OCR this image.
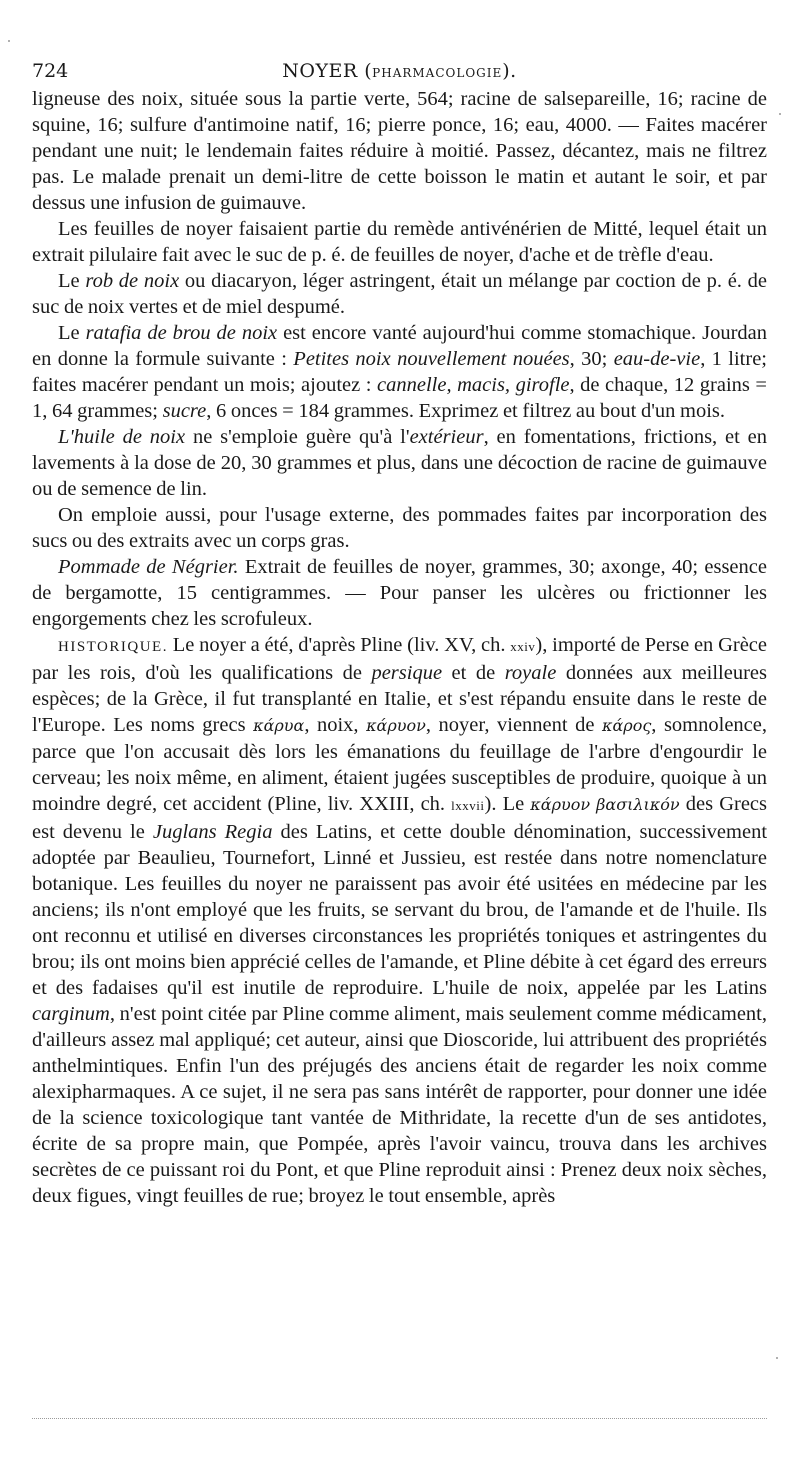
724	NOYER (PHARMACOLOGIE).

ligneuse des noix, située sous la partie verte, 564; racine de salsepareille, 16; racine de squine, 16; sulfure d'antimoine natif, 16; pierre ponce, 16; eau, 4000. — Faites macérer pendant une nuit; le lendemain faites réduire à moitié. Passez, décantez, mais ne filtrez pas. Le malade prenait un demi-litre de cette boisson le matin et autant le soir, et par dessus une infusion de guimauve.

Les feuilles de noyer faisaient partie du remède antivénérien de Mitté, lequel était un extrait pilulaire fait avec le suc de p. é. de feuilles de noyer, d'ache et de trèfle d'eau.

Le rob de noix ou diacaryon, léger astringent, était un mélange par coction de p. é. de suc de noix vertes et de miel despumé.

Le ratafia de brou de noix est encore vanté aujourd'hui comme stomachique. Jourdan en donne la formule suivante : Petites noix nouvellement nouées, 30; eau-de-vie, 1 litre; faites macérer pendant un mois; ajoutez : cannelle, macis, girofle, de chaque, 12 grains = 1, 64 grammes; sucre, 6 onces = 184 grammes. Exprimez et filtrez au bout d'un mois.

L'huile de noix ne s'emploie guère qu'à l'extérieur, en fomentations, frictions, et en lavements à la dose de 20, 30 grammes et plus, dans une décoction de racine de guimauve ou de semence de lin.

On emploie aussi, pour l'usage externe, des pommades faites par incorporation des sucs ou des extraits avec un corps gras.

Pommade de Négrier. Extrait de feuilles de noyer, grammes, 30; axonge, 40; essence de bergamotte, 15 centigrammes. — Pour panser les ulcères ou frictionner les engorgements chez les scrofuleux.

HISTORIQUE. Le noyer a été, d'après Pline (liv. XV, ch. xxiv), importé de Perse en Grèce par les rois, d'où les qualifications de persique et de royale données aux meilleures espèces; de la Grèce, il fut transplanté en Italie, et s'est répandu ensuite dans le reste de l'Europe. Les noms grecs κάρυα, noix, κάρυον, noyer, viennent de κάρος, somnolence, parce que l'on accusait dès lors les émanations du feuillage de l'arbre d'engourdir le cerveau; les noix même, en aliment, étaient jugées susceptibles de produire, quoique à un moindre degré, cet accident (Pline, liv. XXIII, ch. lxxvii). Le κάρυον βασιλικόν des Grecs est devenu le Juglans Regia des Latins, et cette double dénomination, successivement adoptée par Beaulieu, Tournefort, Linné et Jussieu, est restée dans notre nomenclature botanique. Les feuilles du noyer ne paraissent pas avoir été usitées en médecine par les anciens; ils n'ont employé que les fruits, se servant du brou, de l'amande et de l'huile. Ils ont reconnu et utilisé en diverses circonstances les propriétés toniques et astringentes du brou; ils ont moins bien apprécié celles de l'amande, et Pline débite à cet égard des erreurs et des fadaises qu'il est inutile de reproduire. L'huile de noix, appelée par les Latins carginum, n'est point citée par Pline comme aliment, mais seulement comme médicament, d'ailleurs assez mal appliqué; cet auteur, ainsi que Dioscoride, lui attribuent des propriétés anthelmintiques. Enfin l'un des préjugés des anciens était de regarder les noix comme alexipharmaques. A ce sujet, il ne sera pas sans intérêt de rapporter, pour donner une idée de la science toxicologique tant vantée de Mithridate, la recette d'un de ses antidotes, écrite de sa propre main, que Pompée, après l'avoir vaincu, trouva dans les archives secrètes de ce puissant roi du Pont, et que Pline reproduit ainsi : Prenez deux noix sèches, deux figues, vingt feuilles de rue; broyez le tout ensemble, après
